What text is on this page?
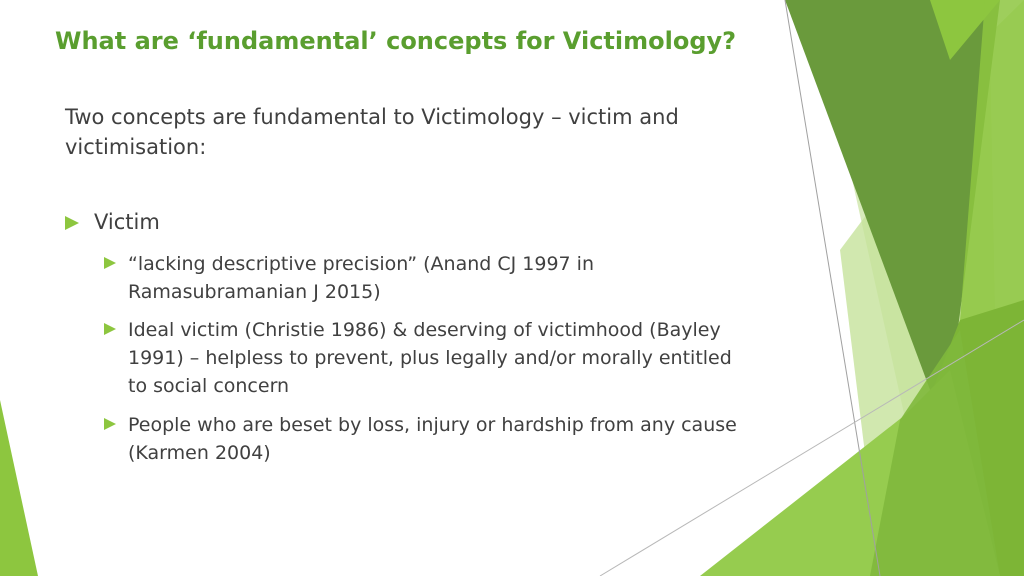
What are ‘fundamental’ concepts for Victimology?

Two concepts are fundamental to Victimology – victim and victimisation:

Victim
“lacking descriptive precision” (Anand CJ 1997 in Ramasubramanian J 2015)
Ideal victim (Christie 1986) & deserving of victimhood (Bayley 1991) – helpless to prevent, plus legally and/or morally entitled to social concern
People who are beset by loss, injury or hardship from any cause (Karmen 2004)
